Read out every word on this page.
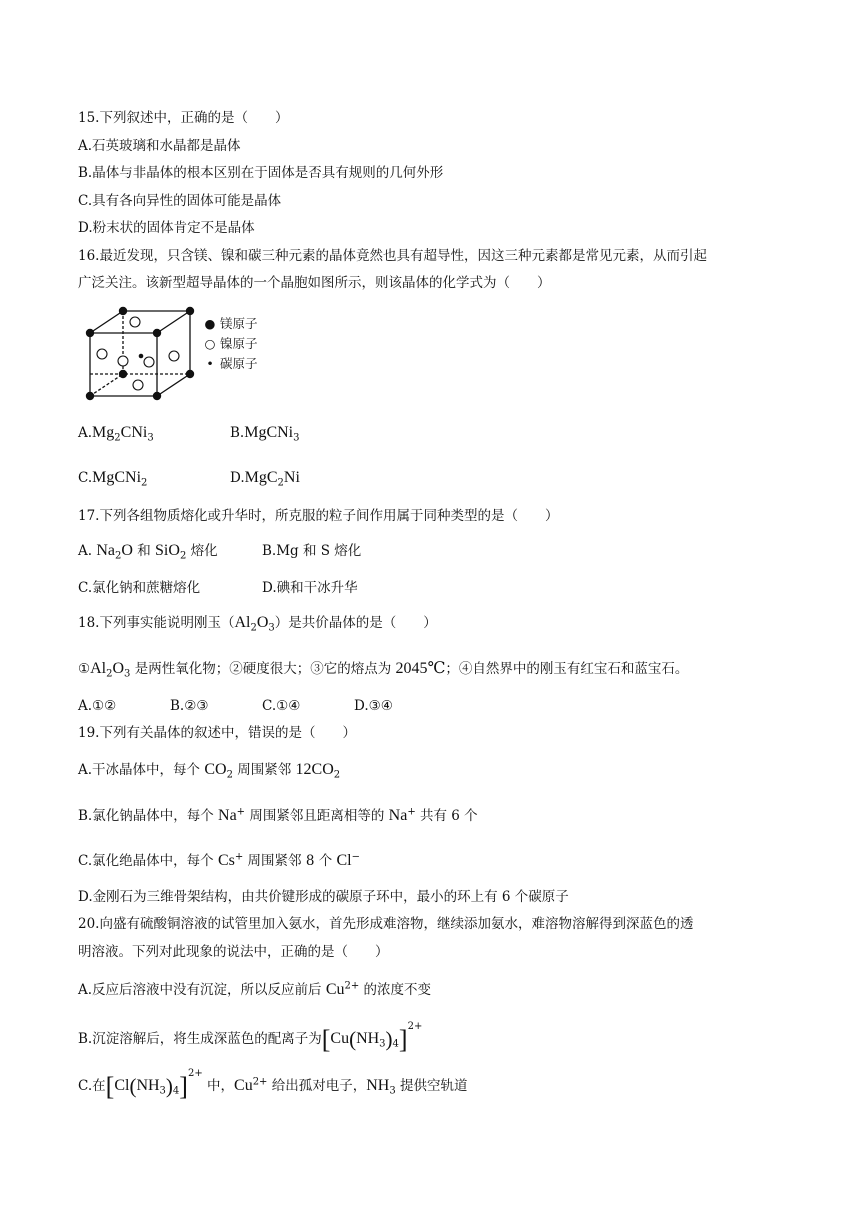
15.下列叙述中，正确的是（　　）
A.石英玻璃和水晶都是晶体
B.晶体与非晶体的根本区别在于固体是否具有规则的几何外形
C.具有各向异性的固体可能是晶体
D.粉末状的固体肯定不是晶体
16.最近发现，只含镁、镍和碳三种元素的晶体竟然也具有超导性，因这三种元素都是常见元素，从而引起
广泛关注。该新型超导晶体的一个晶胞如图所示，则该晶体的化学式为（　　）
● 镁原子
○ 镍原子
• 碳原子
$A.Mg_2CNi_3$	B.MgCNi$_3$
C.MgCNi$_2$	D.MgC$_2$Ni
17.下列各组物质熔化或升华时，所克服的粒子间作用属于同种类型的是（　　）
A. $Na_2O$ 和 SiO$_2$ 熔化	B.Mg 和 S 熔化
C.氯化钠和蔗糖熔化	D.碘和干冰升华
18.下列事实能说明刚玉$(Al_2O_3)$是共价晶体的是（　　）
$①Al_2O_3$ 是两性氧化物；②硬度很大；③它的熔点为 2045℃；④自然界中的刚玉有红宝石和蓝宝石。
A.①②	B.②③	C.①④	D.③④
19.下列有关晶体的叙述中，错误的是（　　）
A.干冰晶体中，每个 $CO_2$ 周围紧邻 $12CO_2$
B.氯化钠晶体中，每个 Na+ 周围紧邻且距离相等的 Na+ 共有 6 个
C.氯化绝晶体中，每个 Cs+ 周围紧邻 8 个 Cl−
D.金刚石为三维骨架结构，由共价键形成的碳原子环中，最小的环上有 6 个碳原子
20.向盛有硫酸铜溶液的试管里加入氨水，首先形成难溶物，继续添加氨水，难溶物溶解得到深蓝色的透
明溶液。下列对此现象的说法中，正确的是（　　）
A.反应后溶液中没有沉淀，所以反应前后 $Cu^{2+}$ 的浓度不变
B.沉淀溶解后，将生成深蓝色的配离子为$[Cu(NH_3)_4]^{2+}$
C.在$[Cl(NH_3)_4]^{2+}$ 中，$Cu^{2+}$ 给出孤对电子，$NH_3$ 提供空轨道
